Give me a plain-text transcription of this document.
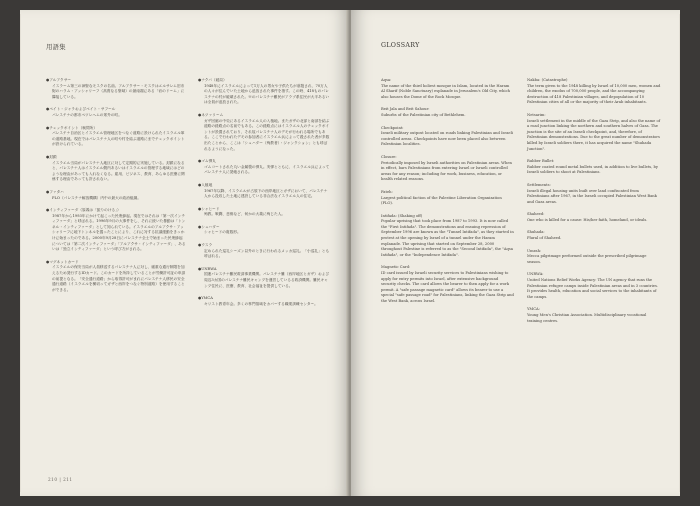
用語集
●アルアクサー
イスラーム第三の神聖なモスクの名前。アルアクサー・モスクはエルサレム旧市街のハラム・アッシャリーフ（高貴なる聖域）の最南端にある「岩のドーム」に隣接している。
●ベイト・ジャラおよびベイト・サフール
パレスチナの都市ベツレヘムの郊外の町。
●チェックポイント（検問所）
パレスチナ自治区とイスラエル管理地区をつなぐ道路に設けられたイスラエル軍の道路基地。現在ではパレスチナ人の町や村を結ぶ道路にまでチェックポイントが設けられている。
●封鎖
イスラエル当局がパレスチナ人地区に対して定期的に実施している。封鎖になると、パレスチナ人はイスラエル側内あるいはイスラエルの管理する地域にはどのような理由があっても入れなくなる。雇用、ビジネス、教育、あらゆる医療に関係する理由であっても許されない。
●ファタハ
PLO（パレスチナ解放機構）内中の最大の政治組織。
●インティファーダ（原義は「振りのける」）
1987年から1993年にかけて起こった民衆蜂起。現在ではそれは「第一次インティファーダ」と呼ばれる。1996年9月の大事件をし、それに続いた暴動は「トンネル・インティファーダ」として知られている。イスラエルのアルアクサ・アッシャリーフに地下トンネルを掘ったことにより、これに対する抗議運動をきっかけに始まったのである。2000年9月28日にパレスチナ全土で始まった民衆蜂起については「第二次インティファーダ」「アルアクサ・インティファーダ」、あるいは「独立インティファーダ」という呼び方がされる。
●マグネットカード
イスラエルの保安当局が人員移送するパレスチナ人に対し、厳重な通行制限を加えるため発行するIDカード。このカードを所持していることが労働許可証の申請の前提となる。「安全通行道路」から取得許可がまれにパレスチナ人移民の安全通行道路（イスラエルを横切ってガザと西岸をつなぐ特別道路）を使用することができる。
●ナクバ（破局）
1948年にイスラエルによって1万人の男女や子供たちが虐殺され、70万人の人々が住んでいた土地から追放された事件を指す。この時、418ものパレスチナの村が破壊された。※のパレスチナ難民がアラブ系住民が大半あるいは全員が追放された。
●ネツァリーム
ガザ回廊の中央にあるイスラエル人の入植地。またガザの北部と南部を結ぶ道路の経路点の名前でもある。この経路点にはイスラエル人のチェックポイントが設置されており、それ故パレスチナ人のデモが行われる場所でもある。ここで行われたデモの参加者にイスラエル兵によって殺された者が多数出たことから、ここは「シュハダー（殉教者）・ジャンクション」とも呼ばれるようになった。
●ゴム弾丸
ゴムコートされた丸い金属製の弾丸。実弾とともに、イスラエル兵によってパレスチナ人に発砲される。
●入植地
1967年以降、イスラエルが占領下の西岸地区とガザにおいて、パレスチナ人から没収した土地に建設している非合法なイスラエル人の住宅。
●シャヒード
殉教。戦闘、悲惨など、何かの大義に殉じた人。
●シュハダー
シャヒードの複数形。
●ウスラ
定められた巡礼シーズン以外のときに行われるメッカ巡礼。「小巡礼」とも呼ばれる。
●UNRWA
国連パレスチナ難民救済事業機関。パレスチナ難（西岸地区とガザ）および周辺3カ国のパレスチナ難民キャンプを運営しているる救済機関。難民キャンプ住民に、医療、教育、社会福祉を提供している。
●YMCA
キリスト教青年会。多くの専門領域をカバーする職業訓練センター。
210 | 211
GLOSSARY
Aqsa:
The name of the third holiest mosque in Islam, located in the Haram Al Sharif (Noble Sanctuary) esplanade in Jerusalem's Old City, which also houses the Dome of the Rock Mosque.
Beit Jala and Beit Sahour:
Suburbs of the Palestinian city of Bethlehem.
Checkpoint:
Israeli military outpost located on roads linking Palestinian and Israeli controlled areas. Checkpoints have now been placed also between Palestinian localities.
Closure:
Periodically imposed by Israeli authorities on Palestinian areas. When in effect, bars Palestinians from entering Israel or Israeli controlled areas for any reason; including for work, business, education, or health related reasons.
Fateh:
Largest political faction of the Palestine Liberation Organization (PLO).
Intifada: (Shaking off)
Popular uprising that took place from 1987 to 1993. It is now called the "First Intifada". The demonstrations and ensuing repression of September 1996 are known as the "Tunnel Intifada", as they started in protest at the opening by Israel of a tunnel under the Haram esplanade. The uprising that started on September 28, 2000 throughout Palestine is referred to as the "Second Intifada", the "Aqsa Intifada", or the "Independence Intifada".
Magnetic Card:
ID card issued by Israeli security services to Palestinians wishing to apply for entry permits into Israel, after extensive background security checks. The card allows the bearer to then apply for a work permit. A "safe passage magnetic card" allows its bearer to use a special "safe passage road" for Palestinians, linking the Gaza Strip and the West Bank, across Israel.
Nakba: (Catastrophe)
The term given to the 1948 killing by Israel of 10,000 men, women and children, the exodus of 700,000 people, and the accompanying destruction of 418 Palestinian villages, and depopulation of 10 Palestinian cities of all or the majority of their Arab inhabitants.
Netsarim:
Israeli settlement in the middle of the Gaza Strip, and also the name of a road junction linking the northern and southern halves of Gaza. The junction is the site of an Israeli checkpoint, and, therefore, of Palestinian demonstrations. Due to the great number of demonstrators killed by Israeli soldiers there, it has acquired the name "Shuhada Junction".
Rubber Bullet:
Rubber coated round metal bullets used, in addition to live bullets, by Israeli soldiers to shoot at Palestinians.
Settlements:
Israeli illegal housing units built over land confiscated from Palestinians after 1967, in the Israeli occupied Palestinian West Bank and Gaza areas.
Shaheed:
One who is killed for a cause: His/her faith, homeland, or ideals.
Shuhada:
Plural of Shaheed.
Umrah:
Mecca pilgrimage performed outside the prescribed pilgrimage season.
UNRWA:
United Nations Relief Works Agency: The UN agency that runs the Palestinian refugee camps inside Palestinian areas and in 3 countries. It provides health, education and social services to the inhabitants of the camps.
YMCA:
Young Men's Christian Association. Multidisciplinary vocational training centres.
